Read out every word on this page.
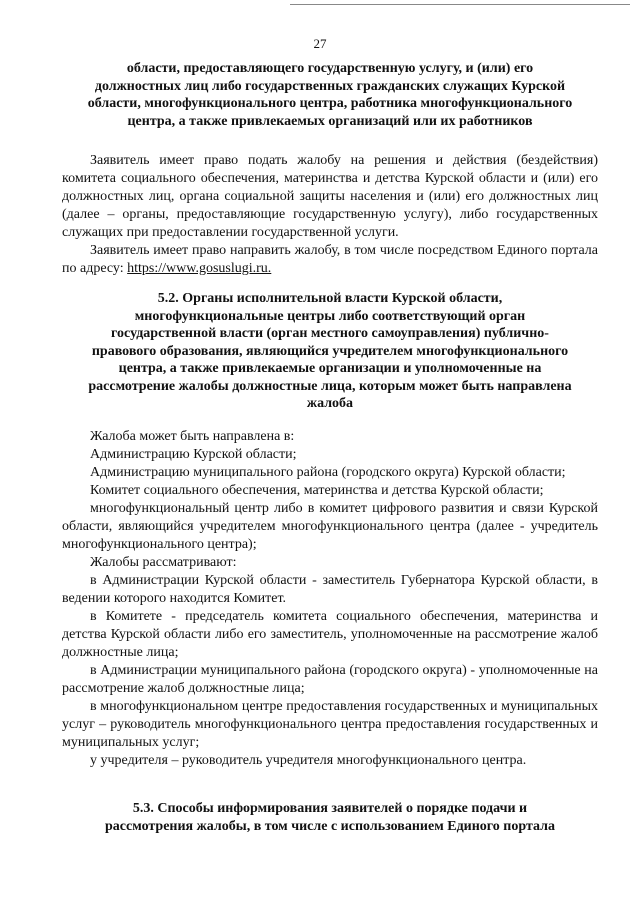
27
области, предоставляющего государственную услугу, и (или) его
должностных лиц либо государственных гражданских служащих Курской
области, многофункционального центра, работника многофункционального
центра, а также привлекаемых организаций или их работников

Заявитель имеет право подать жалобу на решения и действия (бездействия) комитета социального обеспечения, материнства и детства Курской области и (или) его должностных лиц, органа социальной защиты населения и (или) его должностных лиц (далее – органы, предоставляющие государственную услугу), либо государственных служащих при предоставлении государственной услуги.

Заявитель имеет право направить жалобу, в том числе посредством Единого портала по адресу: https://www.gosuslugi.ru.

5.2. Органы исполнительной власти Курской области,
многофункциональные центры либо соответствующий орган
государственной власти (орган местного самоуправления) публично-
правового образования, являющийся учредителем многофункционального
центра, а также привлекаемые организации и уполномоченные на
рассмотрение жалобы должностные лица, которым может быть направлена
жалоба

Жалоба может быть направлена в:

Администрацию Курской области;

Администрацию муниципального района (городского округа) Курской области;

Комитет социального обеспечения, материнства и детства Курской области;

многофункциональный центр либо в комитет цифрового развития и связи Курской области, являющийся учредителем многофункционального центра (далее - учредитель многофункционального центра);

Жалобы рассматривают:

в Администрации Курской области - заместитель Губернатора Курской области, в ведении которого находится Комитет.

в Комитете - председатель комитета социального обеспечения, материнства и детства Курской области либо его заместитель, уполномоченные на рассмотрение жалоб должностные лица;

в Администрации муниципального района (городского округа) - уполномоченные на рассмотрение жалоб должностные лица;

в многофункциональном центре предоставления государственных и муниципальных услуг – руководитель многофункционального центра предоставления государственных и муниципальных услуг;

у учредителя – руководитель учредителя многофункционального центра.

5.3. Способы информирования заявителей о порядке подачи и
рассмотрения жалобы, в том числе с использованием Единого портала
